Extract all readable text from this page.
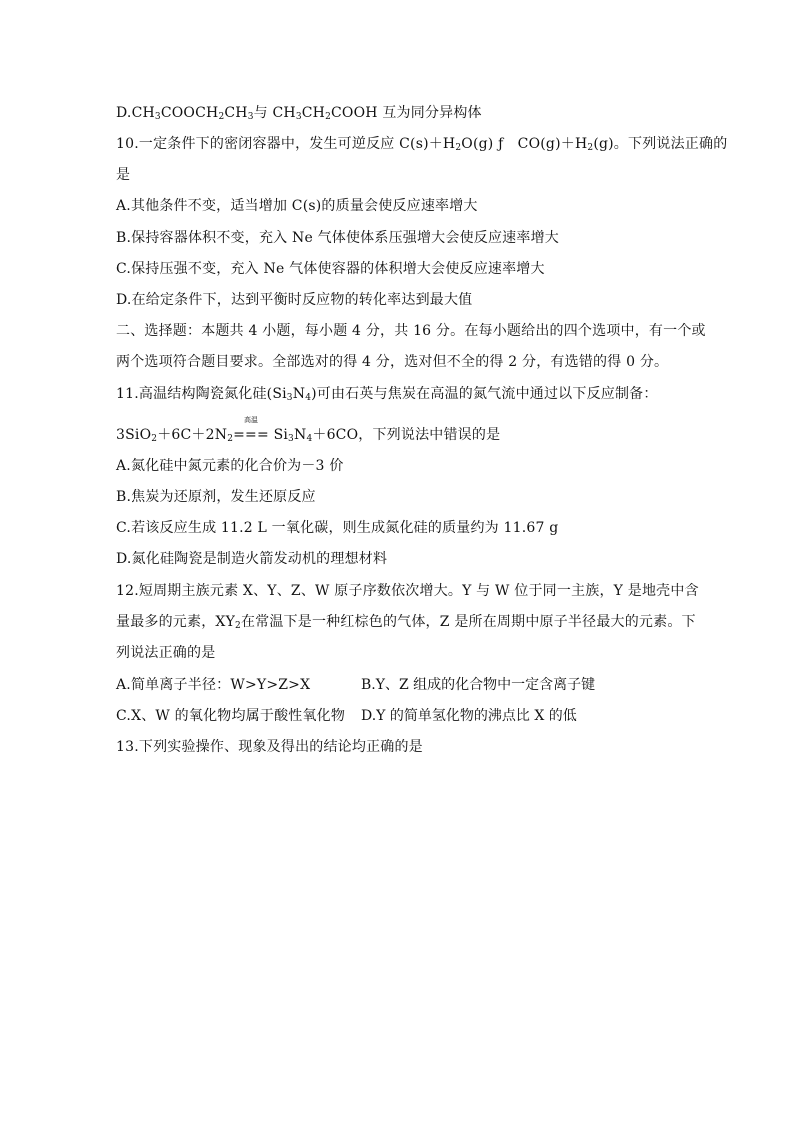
$D.CH_3COOCH_2CH_3$与 $CH_3CH_2COOH$ 互为同分异构体
10.一定条件下的密闭容器中，发生可逆反应 $C(s)+H_2O(g)$ ƒ　$CO(g)+H_2(g)$。下列说法正确的
是
A.其他条件不变，适当增加 C(s)的质量会使反应速率增大
B.保持容器体积不变，充入 Ne 气体使体系压强增大会使反应速率增大
C.保持压强不变，充入 Ne 气体使容器的体积增大会使反应速率增大
D.在给定条件下，达到平衡时反应物的转化率达到最大值
二、选择题：本题共 4 小题，每小题 4 分，共 16 分。在每小题给出的四个选项中，有一个或
两个选项符合题目要求。全部选对的得 4 分，选对但不全的得 2 分，有选错的得 0 分。
11.高温结构陶瓷氮化硅$(Si_3N_4)$可由石英与焦炭在高温的氮气流中通过以下反应制备：
$3SiO_2+6C+2N_2$
高温
=== $Si_3N_4+6CO$，下列说法中错误的是
A.氮化硅中氮元素的化合价为－3 价
B.焦炭为还原剂，发生还原反应
C.若该反应生成 11.2 L 一氧化碳，则生成氮化硅的质量约为 11.67 g
D.氮化硅陶瓷是制造火箭发动机的理想材料
12.短周期主族元素 X、Y、Z、W 原子序数依次增大。Y 与 W 位于同一主族，Y 是地壳中含
量最多的元素，$XY_2$在常温下是一种红棕色的气体，Z 是所在周期中原子半径最大的元素。下
列说法正确的是
A.简单离子半径：W>Y>Z>X	B.Y、Z 组成的化合物中一定含离子键
C.X、W 的氧化物均属于酸性氧化物 D.Y 的简单氢化物的沸点比 X 的低
13.下列实验操作、现象及得出的结论均正确的是
